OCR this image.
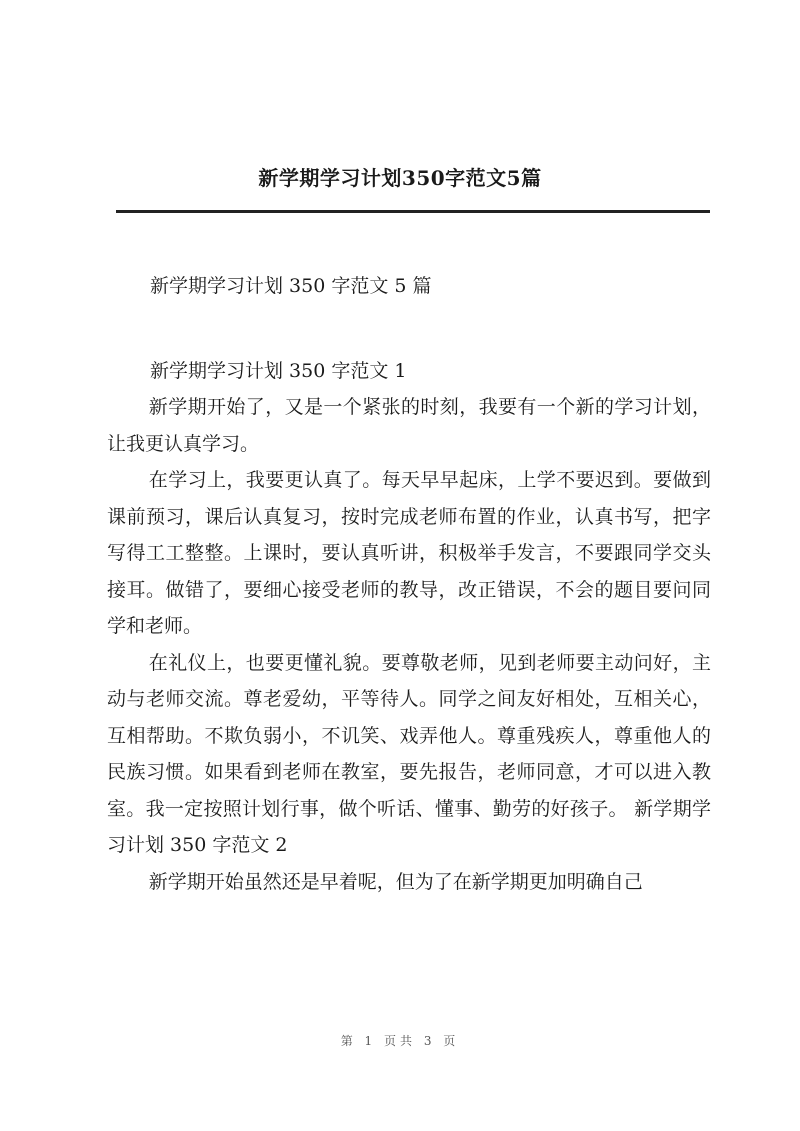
新学期学习计划350字范文5篇
新学期学习计划 350 字范文 5 篇
新学期学习计划 350 字范文 1

新学期开始了，又是一个紧张的时刻，我要有一个新的学习计划，让我更认真学习。

在学习上，我要更认真了。每天早早起床，上学不要迟到。要做到课前预习，课后认真复习，按时完成老师布置的作业，认真书写，把字写得工工整整。上课时，要认真听讲，积极举手发言，不要跟同学交头接耳。做错了，要细心接受老师的教导，改正错误，不会的题目要问同学和老师。

在礼仪上，也要更懂礼貌。要尊敬老师，见到老师要主动问好，主动与老师交流。尊老爱幼，平等待人。同学之间友好相处，互相关心，互相帮助。不欺负弱小，不讥笑、戏弄他人。尊重残疾人，尊重他人的民族习惯。如果看到老师在教室，要先报告，老师同意，才可以进入教室。我一定按照计划行事，做个听话、懂事、勤劳的好孩子。 新学期学习计划 350 字范文 2

新学期开始虽然还是早着呢，但为了在新学期更加明确自己

第 1 页共 3 页
